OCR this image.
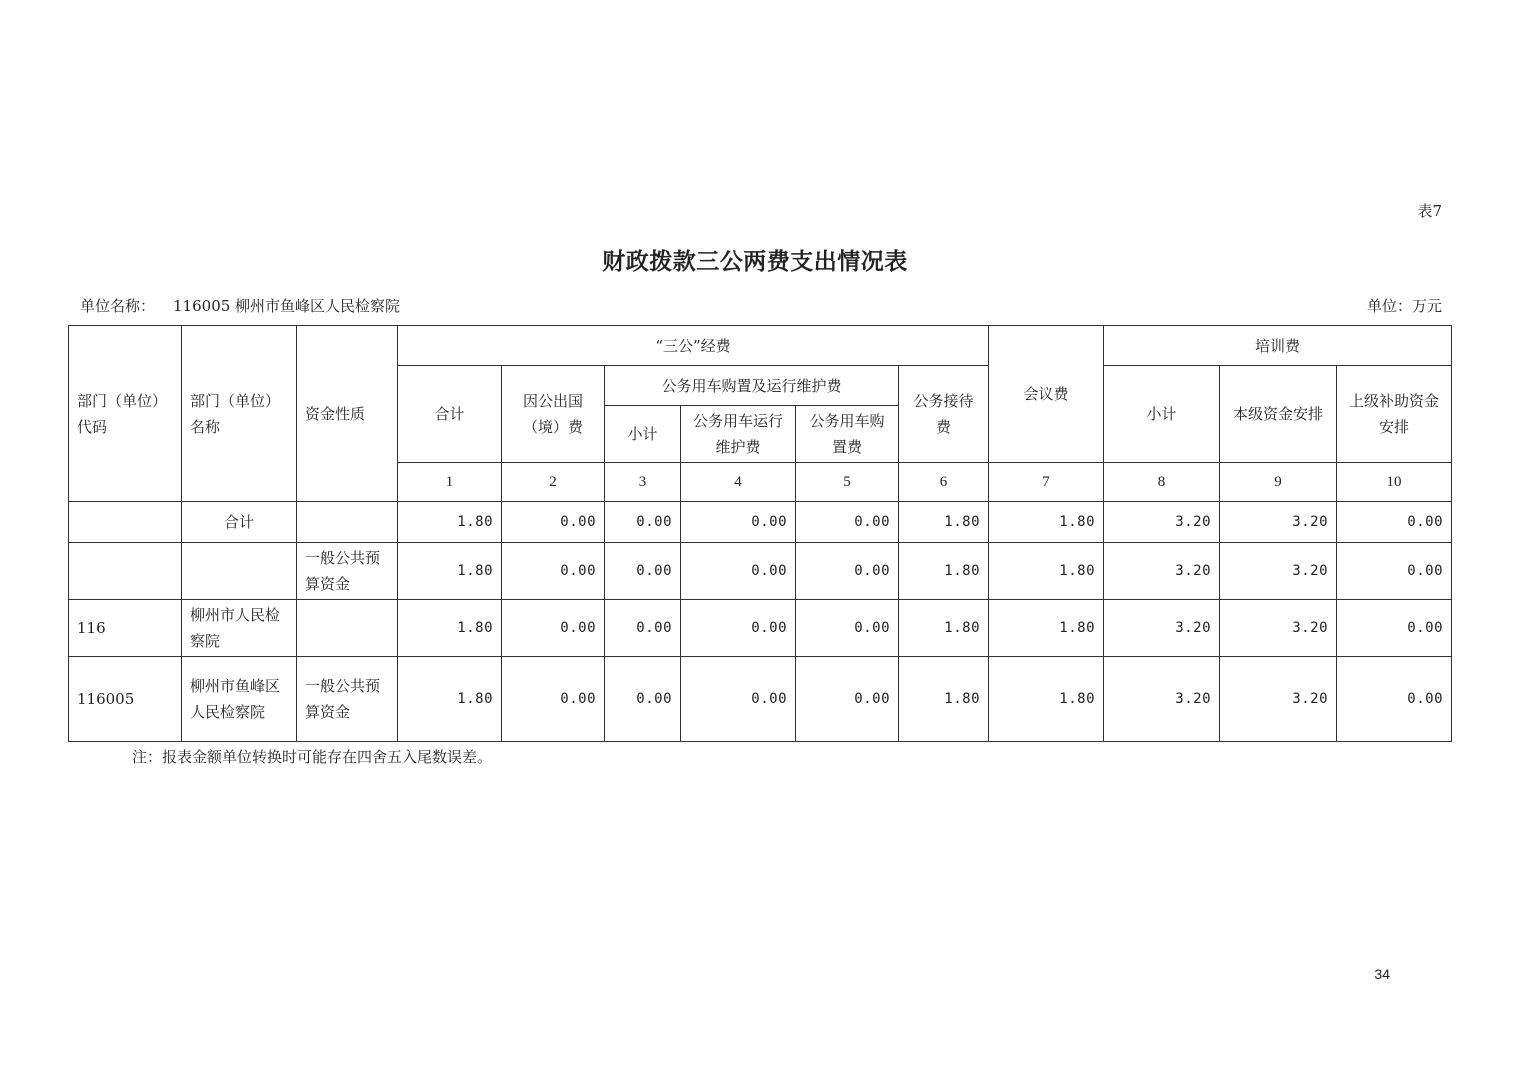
表7
财政拨款三公两费支出情况表
单位名称： 116005 柳州市鱼峰区人民检察院	单位：万元
部门（单位）代码	部门（单位）名称	资金性质	“三公”经费						会议费	培训费		
			合计	因公出国（境）费	公务用车购置及运行维护费			公务接待费		小计	本级资金安排	上级补助资金安排
					小计	公务用车运行维护费	公务用车购置费					
			1	2	3	4	5	6	7	8	9	10
	合计		1.80	0.00	0.00	0.00	0.00	1.80	1.80	3.20	3.20	0.00
		一般公共预算资金	1.80	0.00	0.00	0.00	0.00	1.80	1.80	3.20	3.20	0.00
116	柳州市人民检察院		1.80	0.00	0.00	0.00	0.00	1.80	1.80	3.20	3.20	0.00
116005	柳州市鱼峰区人民检察院	一般公共预算资金	1.80	0.00	0.00	0.00	0.00	1.80	1.80	3.20	3.20	0.00
注：报表金额单位转换时可能存在四舍五入尾数误差。
34
